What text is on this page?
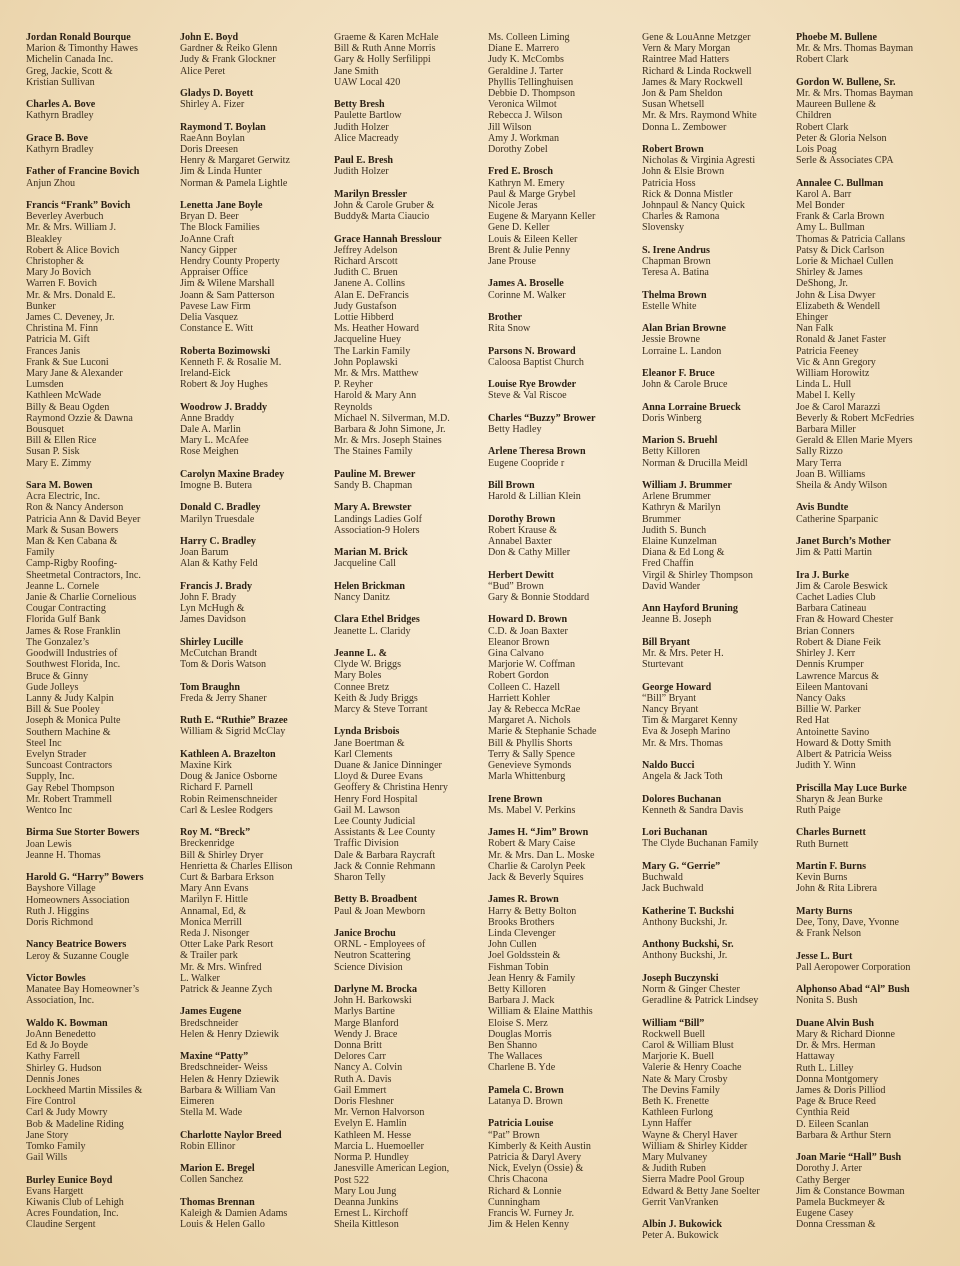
Jordan Ronald Bourque

Marion & Timonthy Hawes

Michelin Canada Inc.

Greg, Jackie, Scott &

Kristian Sullivan

Charles A. Bove

Kathyrn Bradley

Grace B. Bove

Kathyrn Bradley

Father of Francine Bovich

Anjun Zhou

Francis “Frank” Bovich

Beverley Averbuch

Mr. & Mrs. William J.

Bleakley

Robert & Alice Bovich

Christopher &

Mary Jo Bovich

Warren F. Bovich

Mr. & Mrs. Donald E.

Bunker

James C. Deveney, Jr.

Christina M. Finn

Patricia M. Gift

Frances Janis

Frank & Sue Luconi

Mary Jane & Alexander

Lumsden

Kathleen McWade

Billy & Beau Ogden

Raymond Ozzie & Dawna

Bousquet

Bill & Ellen Rice

Susan P. Sisk

Mary E. Zimmy

Sara M. Bowen

Acra Electric, Inc.

Ron & Nancy Anderson

Patricia Ann & David Beyer

Mark & Susan Bowers

Man & Ken Cabana &

Family

Camp-Rigby Roofing-

Sheetmetal Contractors, Inc.

Jeanne L. Cornele

Janie & Charlie Cornelious

Cougar Contracting

Florida Gulf Bank

James & Rose Franklin

The Gonzalez’s

Goodwill Industries of

Southwest Florida, Inc.

Bruce & Ginny

Gude Jolleys

Lanny & Judy Kalpin

Bill & Sue Pooley

Joseph & Monica Pulte

Southern Machine &

Steel Inc

Evelyn Strader

Suncoast Contractors

Supply, Inc.

Gay Rebel Thompson

Mr. Robert Trammell

Wentco Inc

Birma Sue Storter Bowers

Joan Lewis

Jeanne H. Thomas

Harold G. “Harry” Bowers

Bayshore Village

Homeowners Association

Ruth J. Higgins

Doris Richmond

Nancy Beatrice Bowers

Leroy & Suzanne Cougle

Victor Bowles

Manatee Bay Homeowner’s

Association, Inc.

Waldo K. Bowman

JoAnn Benedetto

Ed & Jo Boyde

Kathy Farrell

Shirley G. Hudson

Dennis Jones

Lockheed Martin Missiles &

Fire Control

Carl & Judy Mowry

Bob & Madeline Riding

Jane Story

Tomko Family

Gail Wills

Burley Eunice Boyd

Evans Hargett

Kiwanis Club of Lehigh

Acres Foundation, Inc.

Claudine Sergent

John E. Boyd

Gardner & Reiko Glenn

Judy & Frank Glockner

Alice Peret

Gladys D. Boyett

Shirley A. Fizer

Raymond T. Boylan

RaeAnn Boylan

Doris Dreesen

Henry & Margaret Gerwitz

Jim & Linda Hunter

Norman & Pamela Lightle

Lenetta Jane Boyle

Bryan D. Beer

The Block Families

JoAnne Craft

Nancy Gipper

Hendry County Property

Appraiser Office

Jim & Wilene Marshall

Joann & Sam Patterson

Pavese Law Firm

Delia Vasquez

Constance E. Witt

Roberta Bozimowski

Kenneth F. & Rosalie M.

Ireland-Eick

Robert & Joy Hughes

Woodrow J. Braddy

Anne Braddy

Dale A. Marlin

Mary L. McAfee

Rose Meighen

Carolyn Maxine Bradey

Imogne B. Butera

Donald C. Bradley

Marilyn Truesdale

Harry C. Bradley

Joan Barum

Alan & Kathy Feld

Francis J. Brady

John F. Brady

Lyn McHugh &

James Davidson

Shirley Lucille

McCutchan Brandt

Tom & Doris Watson

Tom Braughn

Freda & Jerry Shaner

Ruth E. “Ruthie” Brazee

William & Sigrid McClay

Kathleen A. Brazelton

Maxine Kirk

Doug & Janice Osborne

Richard F. Parnell

Robin Reimenschneider

Carl & Leslee Rodgers

Roy M. “Breck”

Breckenridge

Bill & Shirley Dryer

Henrietta & Charles Ellison

Curt & Barbara Erkson

Mary Ann Evans

Marilyn F. Hittle

Annamal, Ed, &

Monica Merrill

Reda J. Nisonger

Otter Lake Park Resort

& Trailer park

Mr. & Mrs. Winfred

L. Walker

Patrick & Jeanne Zych

James Eugene

Bredschneider

Helen & Henry Dziewik

Maxine “Patty”

Bredschneider- Weiss

Helen & Henry Dziewik

Barbara & William Van

Eimeren

Stella M. Wade

Charlotte Naylor Breed

Robin Ellinor

Marion E. Bregel

Collen Sanchez

Thomas Brennan

Kaleigh & Damien Adams

Louis & Helen Gallo

Graeme & Karen McHale

Bill & Ruth Anne Morris

Gary & Holly Serfilippi

Jane Smith

UAW Local 420

Betty Bresh

Paulette Bartlow

Judith Holzer

Alice Macready

Paul E. Bresh

Judith Holzer

Marilyn Bressler

John & Carole Gruber &

Buddy& Marta Ciaucio

Grace Hannah Bresslour

Jeffrey Adelson

Richard Arscott

Judith C. Bruen

Janene A. Collins

Alan E. DeFrancis

Judy Gustafson

Lottie Hibberd

Ms. Heather Howard

Jacqueline Huey

The Larkin Family

John Poplawski

Mr. & Mrs. Matthew

P. Reyher

Harold & Mary Ann

Reynolds

Michael N. Silverman, M.D.

Barbara & John Simone, Jr.

Mr. & Mrs. Joseph Staines

The Staines Family

Pauline M. Brewer

Sandy B. Chapman

Mary A. Brewster

Landings Ladies Golf

Association-9 Holers

Marian M. Brick

Jacqueline Call

Helen Brickman

Nancy Danitz

Clara Ethel Bridges

Jeanette L. Claridy

Jeanne L. &

Clyde W. Briggs

Mary Boles

Connee Bretz

Keith & Judy Briggs

Marcy & Steve Torrant

Lynda Brisbois

Jane Boertman &

Karl Clements

Duane & Janice Dinninger

Lloyd & Duree Evans

Geoffery & Christina Henry

Henry Ford Hospital

Gail M. Lawson

Lee County Judicial

Assistants & Lee County

Traffic Division

Dale & Barbara Raycraft

Jack & Connie Rehmann

Sharon Telly

Betty B. Broadbent

Paul & Joan Mewborn

Janice Brochu

ORNL - Employees of

Neutron Scattering

Science Division

Darlyne M. Brocka

John H. Barkowski

Marlys Bartine

Marge Blanford

Wendy J. Brace

Donna Britt

Delores Carr

Nancy A. Colvin

Ruth A. Davis

Gail Emmert

Doris Fleshner

Mr. Vernon Halvorson

Evelyn E. Hamlin

Kathleen M. Hesse

Marcia L. Huemoeller

Norma P. Hundley

Janesville American Legion,

Post 522

Mary Lou Jung

Deanna Junkins

Ernest L. Kirchoff

Sheila Kittleson

Ms. Colleen Liming

Diane E. Marrero

Judy K. McCombs

Geraldine J. Tarter

Phyllis Tellinghuisen

Debbie D. Thompson

Veronica Wilmot

Rebecca J. Wilson

Jill Wilson

Amy J. Workman

Dorothy Zobel

Fred E. Brosch

Kathryn M. Emery

Paul & Marge Grybel

Nicole Jeras

Eugene & Maryann Keller

Gene D. Keller

Louis & Eileen Keller

Brent & Julie Penny

Jane Prouse

James A. Broselle

Corinne M. Walker

Brother

Rita Snow

Parsons N. Broward

Caloosa Baptist Church

Louise Rye Browder

Steve & Val Riscoe

Charles “Buzzy” Brower

Betty Hadley

Arlene Theresa Brown

Eugene Coopride r

Bill Brown

Harold & Lillian Klein

Dorothy Brown

Robert Krause &

Annabel Baxter

Don & Cathy Miller

Herbert Dewitt

“Bud” Brown

Gary & Bonnie Stoddard

Howard D. Brown

C.D. & Joan Baxter

Eleanor Brown

Gina Calvano

Marjorie W. Coffman

Robert Gordon

Colleen C. Hazell

Harriett Kohler

Jay & Rebecca McRae

Margaret A. Nichols

Marie & Stephanie Schade

Bill & Phyllis Shorts

Terry & Sally Spence

Genevieve Symonds

Marla Whittenburg

Irene Brown

Ms. Mabel V. Perkins

James H. “Jim” Brown

Robert & Mary Caise

Mr. & Mrs. Dan L. Moske

Charlie & Carolyn Peek

Jack & Beverly Squires

James R. Brown

Harry & Betty Bolton

Brooks Brothers

Linda Clevenger

John Cullen

Joel Goldsstein &

Fishman Tobin

Jean Henry & Family

Betty Killoren

Barbara J. Mack

William & Elaine Matthis

Eloise S. Merz

Douglas Morris

Ben Shanno

The Wallaces

Charlene B. Yde

Pamela C. Brown

Latanya D. Brown

Patricia Louise

“Pat” Brown

Kimberly & Keith Austin

Patricia & Daryl Avery

Nick, Evelyn (Ossie) &

Chris Chacona

Richard & Lonnie

Cunningham

Francis W. Furney Jr.

Jim & Helen Kenny

Gene & LouAnne Metzger

Vern & Mary Morgan

Raintree Mad Hatters

Richard & Linda Rockwell

James & Mary Rockwell

Jon & Pam Sheldon

Susan Whetsell

Mr. & Mrs. Raymond White

Donna L. Zembower

Robert Brown

Nicholas & Virginia Agresti

John & Elsie Brown

Patricia Hoss

Rick & Donna Mistler

Johnpaul & Nancy Quick

Charles & Ramona

Slovensky

S. Irene Andrus

Chapman Brown

Teresa A. Batina

Thelma Brown

Estelle White

Alan Brian Browne

Jessie Browne

Lorraine L. Landon

Eleanor F. Bruce

John & Carole Bruce

Anna Lorraine Brueck

Doris Winberg

Marion S. Bruehl

Betty Killoren

Norman & Drucilla Meidl

William J. Brummer

Arlene Brummer

Kathryn & Marilyn

Brummer

Judith S. Bunch

Elaine Kunzelman

Diana & Ed Long &

Fred Chaffin

Virgil & Shirley Thompson

David Wander

Ann Hayford Bruning

Jeanne B. Joseph

Bill Bryant

Mr. & Mrs. Peter H.

Sturtevant

George Howard

“Bill” Bryant

Nancy Bryant

Tim & Margaret Kenny

Eva & Joseph Marino

Mr. & Mrs. Thomas

Naldo Bucci

Angela & Jack Toth

Dolores Buchanan

Kenneth & Sandra Davis

Lori Buchanan

The Clyde Buchanan Family

Mary G. “Gerrie”

Buchwald

Jack Buchwald

Katherine T. Buckshi

Anthony Buckshi, Jr.

Anthony Buckshi, Sr.

Anthony Buckshi, Jr.

Joseph Buczynski

Norm & Ginger Chester

Geradline & Patrick Lindsey

William “Bill”

Rockwell Buell

Carol & William Blust

Marjorie K. Buell

Valerie & Henry Coache

Nate & Mary Crosby

The Devins Family

Beth K. Frenette

Kathleen Furlong

Lynn Haffer

Wayne & Cheryl Haver

William & Shirley Kidder

Mary Mulvaney

& Judith Ruben

Sierra Madre Pool Group

Edward & Betty Jane Soelter

Gerrit VanVranken

Albin J. Bukowick

Peter A. Bukowick

Phoebe M. Bullene

Mr. & Mrs. Thomas Bayman

Robert Clark

Gordon W. Bullene, Sr.

Mr. & Mrs. Thomas Bayman

Maureen Bullene &

Children

Robert Clark

Peter & Gloria Nelson

Lois Poag

Serle & Associates CPA

Annalee C. Bullman

Karol A. Barr

Mel Bonder

Frank & Carla Brown

Amy L. Bullman

Thomas & Patricia Callans

Patsy & Dick Carlson

Lorie & Michael Cullen

Shirley & James

DeShong, Jr.

John & Lisa Dwyer

Elizabeth & Wendell

Ehinger

Nan Falk

Ronald & Janet Faster

Patricia Feeney

Vic & Ann Gregory

William Horowitz

Linda L. Hull

Mabel I. Kelly

Joe & Carol Marazzi

Beverly & Robert McFedries

Barbara Miller

Gerald & Ellen Marie Myers

Sally Rizzo

Mary Terra

Joan B. Williams

Sheila & Andy Wilson

Avis Bundte

Catherine Sparpanic

Janet Burch’s Mother

Jim & Patti Martin

Ira J. Burke

Jim & Carole Beswick

Cachet Ladies Club

Barbara Catineau

Fran & Howard Chester

Brian Conners

Robert & Diane Feik

Shirley J. Kerr

Dennis Krumper

Lawrence Marcus &

Eileen Mantovani

Nancy Oaks

Billie W. Parker

Red Hat

Antoinette Savino

Howard & Dotty Smith

Albert & Patricia Weiss

Judith Y. Winn

Priscilla May Luce Burke

Sharyn & Jean Burke

Ruth Paige

Charles Burnett

Ruth Burnett

Martin F. Burns

Kevin Burns

John & Rita Librera

Marty Burns

Dee, Tony, Dave, Yvonne

& Frank Nelson

Jesse L. Burt

Pall Aeropower Corporation

Alphonso Abad “Al” Bush

Nonita S. Bush

Duane Alvin Bush

Mary & Richard Dionne

Dr. & Mrs. Herman

Hattaway

Ruth L. Lilley

Donna Montgomery

James & Doris Pilliod

Page & Bruce Reed

Cynthia Reid

D. Eileen Scanlan

Barbara & Arthur Stern

Joan Marie “Hall” Bush

Dorothy J. Arter

Cathy Berger

Jim & Constance Bowman

Pamela Buckmeyer &

Eugene Casey

Donna Cressman &
